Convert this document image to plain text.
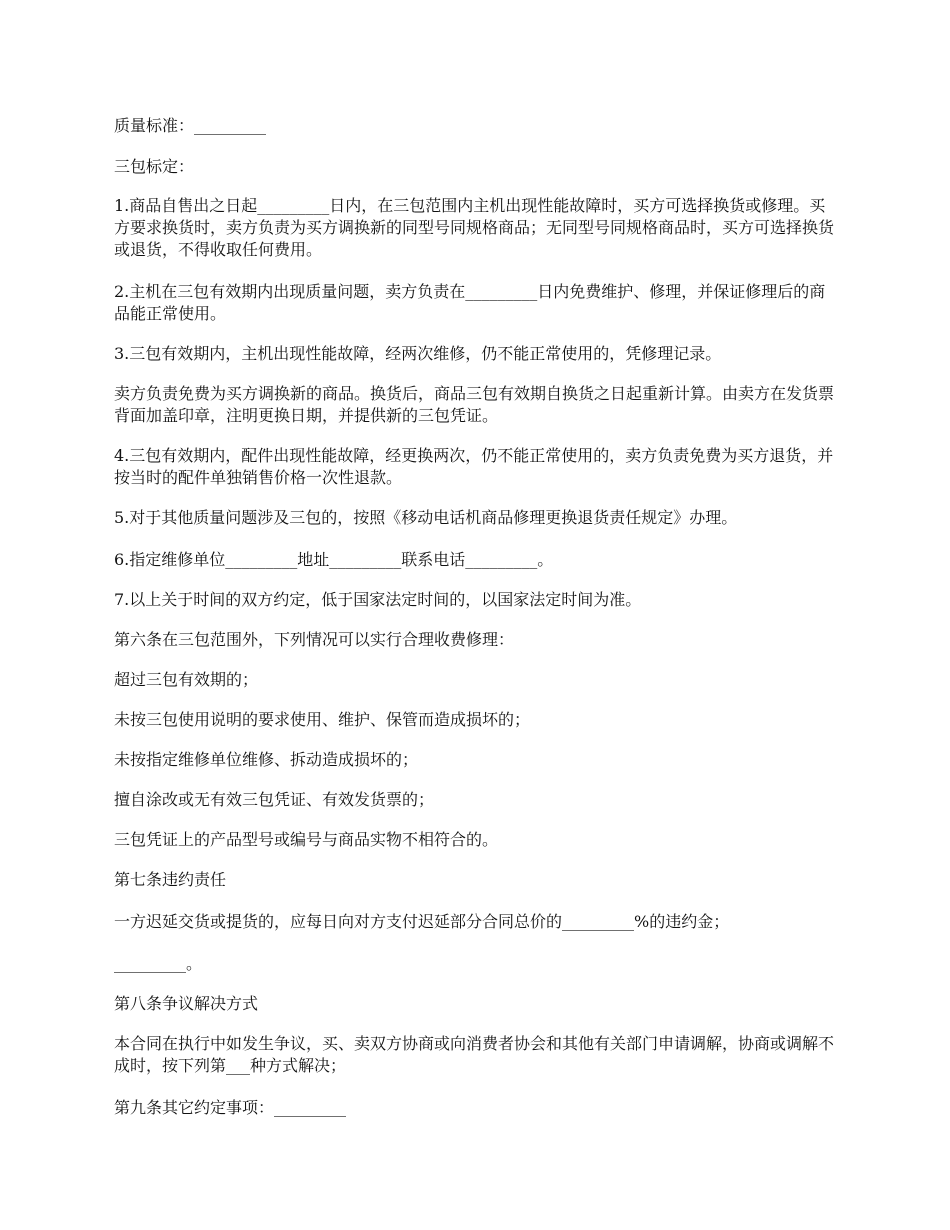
质量标准：_________

三包标定：

1.商品自售出之日起_________日内，在三包范围内主机出现性能故障时，买方可选择换货或修理。买方要求换货时，卖方负责为买方调换新的同型号同规格商品；无同型号同规格商品时，买方可选择换货或退货，不得收取任何费用。

2.主机在三包有效期内出现质量问题，卖方负责在_________日内免费维护、修理，并保证修理后的商品能正常使用。

3.三包有效期内，主机出现性能故障，经两次维修，仍不能正常使用的，凭修理记录。

卖方负责免费为买方调换新的商品。换货后，商品三包有效期自换货之日起重新计算。由卖方在发货票背面加盖印章，注明更换日期，并提供新的三包凭证。

4.三包有效期内，配件出现性能故障，经更换两次，仍不能正常使用的，卖方负责免费为买方退货，并按当时的配件单独销售价格一次性退款。

5.对于其他质量问题涉及三包的，按照《移动电话机商品修理更换退货责任规定》办理。

6.指定维修单位_________地址_________联系电话_________。

7.以上关于时间的双方约定，低于国家法定时间的，以国家法定时间为准。

第六条在三包范围外，下列情况可以实行合理收费修理：

超过三包有效期的；

未按三包使用说明的要求使用、维护、保管而造成损坏的；

未按指定维修单位维修、拆动造成损坏的；

擅自涂改或无有效三包凭证、有效发货票的；

三包凭证上的产品型号或编号与商品实物不相符合的。

第七条违约责任

一方迟延交货或提货的，应每日向对方支付迟延部分合同总价的_________%的违约金；

_________。

第八条争议解决方式

本合同在执行中如发生争议，买、卖双方协商或向消费者协会和其他有关部门申请调解，协商或调解不成时，按下列第___种方式解决；

第九条其它约定事项：_________
